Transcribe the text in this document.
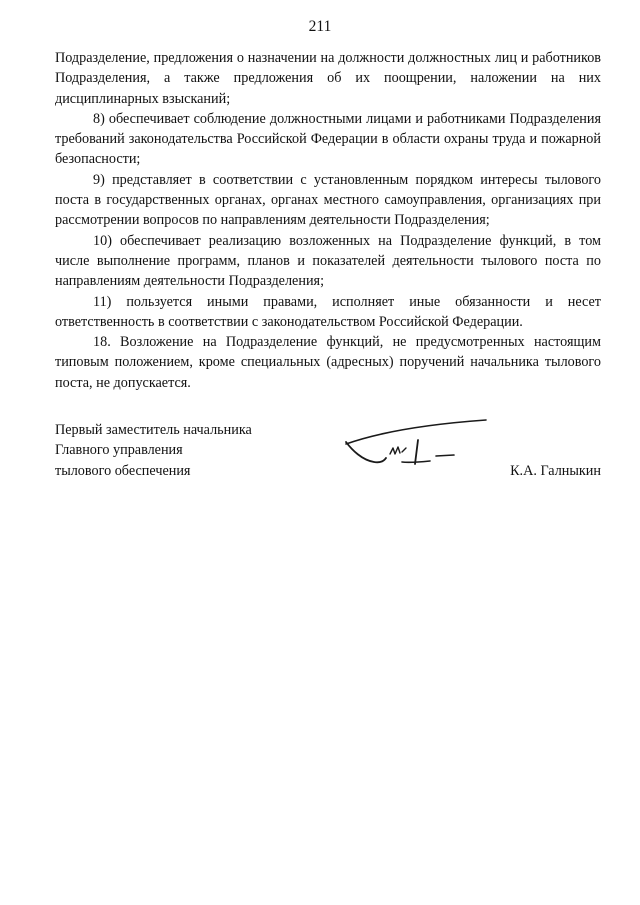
211

Подразделение, предложения о назначении на должности должностных лиц и работников Подразделения, а также предложения об их поощрении, наложении на них дисциплинарных взысканий;

8) обеспечивает соблюдение должностными лицами и работниками Подразделения требований законодательства Российской Федерации в области охраны труда и пожарной безопасности;

9) представляет в соответствии с установленным порядком интересы тылового поста в государственных органах, органах местного самоуправления, организациях при рассмотрении вопросов по направлениям деятельности Подразделения;

10) обеспечивает реализацию возложенных на Подразделение функций, в том числе выполнение программ, планов и показателей деятельности тылового поста по направлениям деятельности Подразделения;

11) пользуется иными правами, исполняет иные обязанности и несет ответственность в соответствии с законодательством Российской Федерации.

18. Возложение на Подразделение функций, не предусмотренных настоящим типовым положением, кроме специальных (адресных) поручений начальника тылового поста, не допускается.

Первый заместитель начальника
Главного управления
тылового обеспечения	К.А. Галныкин
